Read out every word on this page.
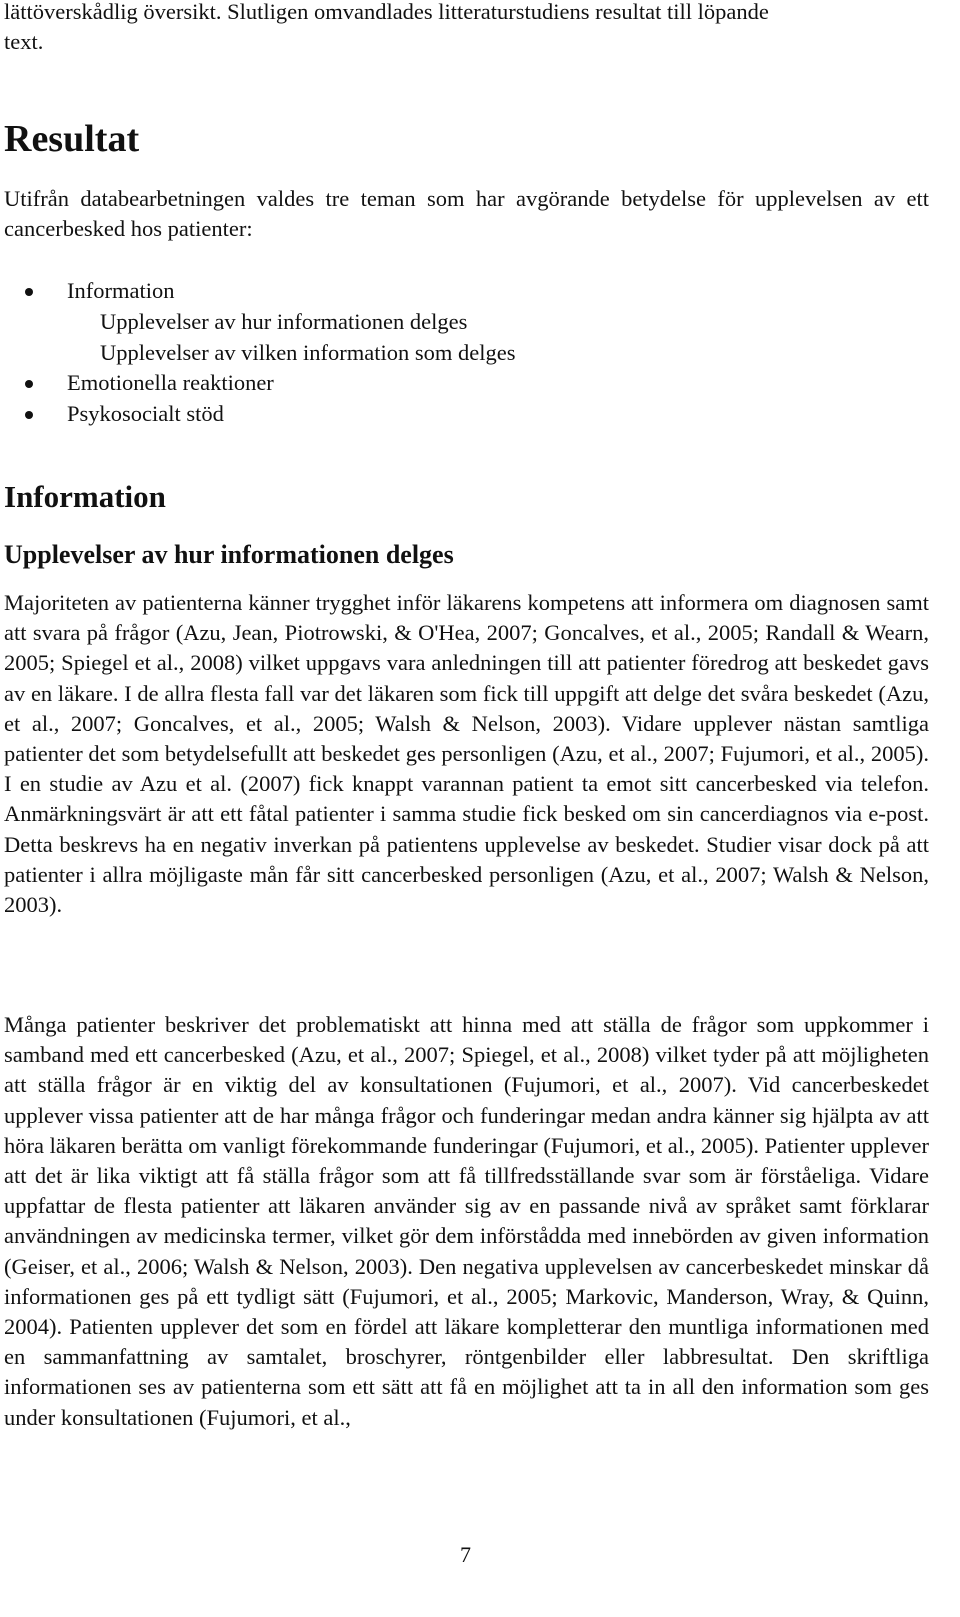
lättöverskådlig översikt. Slutligen omvandlades litteraturstudiens resultat till löpande

text.

Resultat

Utifrån databearbetningen valdes tre teman som har avgörande betydelse för upplevelsen av ett cancerbesked hos patienter:

Information
Upplevelser av hur informationen delges
Upplevelser av vilken information som delges
Emotionella reaktioner
Psykosocialt stöd
Information
Upplevelser av hur informationen delges

Majoriteten av patienterna känner trygghet inför läkarens kompetens att informera om diagnosen samt att svara på frågor (Azu, Jean, Piotrowski, & O'Hea, 2007; Goncalves, et al., 2005; Randall & Wearn, 2005; Spiegel et al., 2008) vilket uppgavs vara anledningen till att patienter föredrog att beskedet gavs av en läkare. I de allra flesta fall var det läkaren som fick till uppgift att delge det svåra beskedet (Azu, et al., 2007; Goncalves, et al., 2005; Walsh & Nelson, 2003). Vidare upplever nästan samtliga patienter det som betydelsefullt att beskedet ges personligen (Azu, et al., 2007; Fujumori, et al., 2005). I en studie av Azu et al. (2007) fick knappt varannan patient ta emot sitt cancerbesked via telefon. Anmärkningsvärt är att ett fåtal patienter i samma studie fick besked om sin cancerdiagnos via e-post. Detta beskrevs ha en negativ inverkan på patientens upplevelse av beskedet. Studier visar dock på att patienter i allra möjligaste mån får sitt cancerbesked personligen (Azu, et al., 2007; Walsh & Nelson, 2003).

Många patienter beskriver det problematiskt att hinna med att ställa de frågor som uppkommer i samband med ett cancerbesked (Azu, et al., 2007; Spiegel, et al., 2008) vilket tyder på att möjligheten att ställa frågor är en viktig del av konsultationen (Fujumori, et al., 2007). Vid cancerbeskedet upplever vissa patienter att de har många frågor och funderingar medan andra känner sig hjälpta av att höra läkaren berätta om vanligt förekommande funderingar (Fujumori, et al., 2005). Patienter upplever att det är lika viktigt att få ställa frågor som att få tillfredsställande svar som är förståeliga. Vidare uppfattar de flesta patienter att läkaren använder sig av en passande nivå av språket samt förklarar användningen av medicinska termer, vilket gör dem införstådda med innebörden av given information (Geiser, et al., 2006; Walsh & Nelson, 2003). Den negativa upplevelsen av cancerbeskedet minskar då informationen ges på ett tydligt sätt (Fujumori, et al., 2005; Markovic, Manderson, Wray, & Quinn, 2004). Patienten upplever det som en fördel att läkare kompletterar den muntliga informationen med en sammanfattning av samtalet, broschyrer, röntgenbilder eller labbresultat. Den skriftliga informationen ses av patienterna som ett sätt att få en möjlighet att ta in all den information som ges under konsultationen (Fujumori, et al.,

7
